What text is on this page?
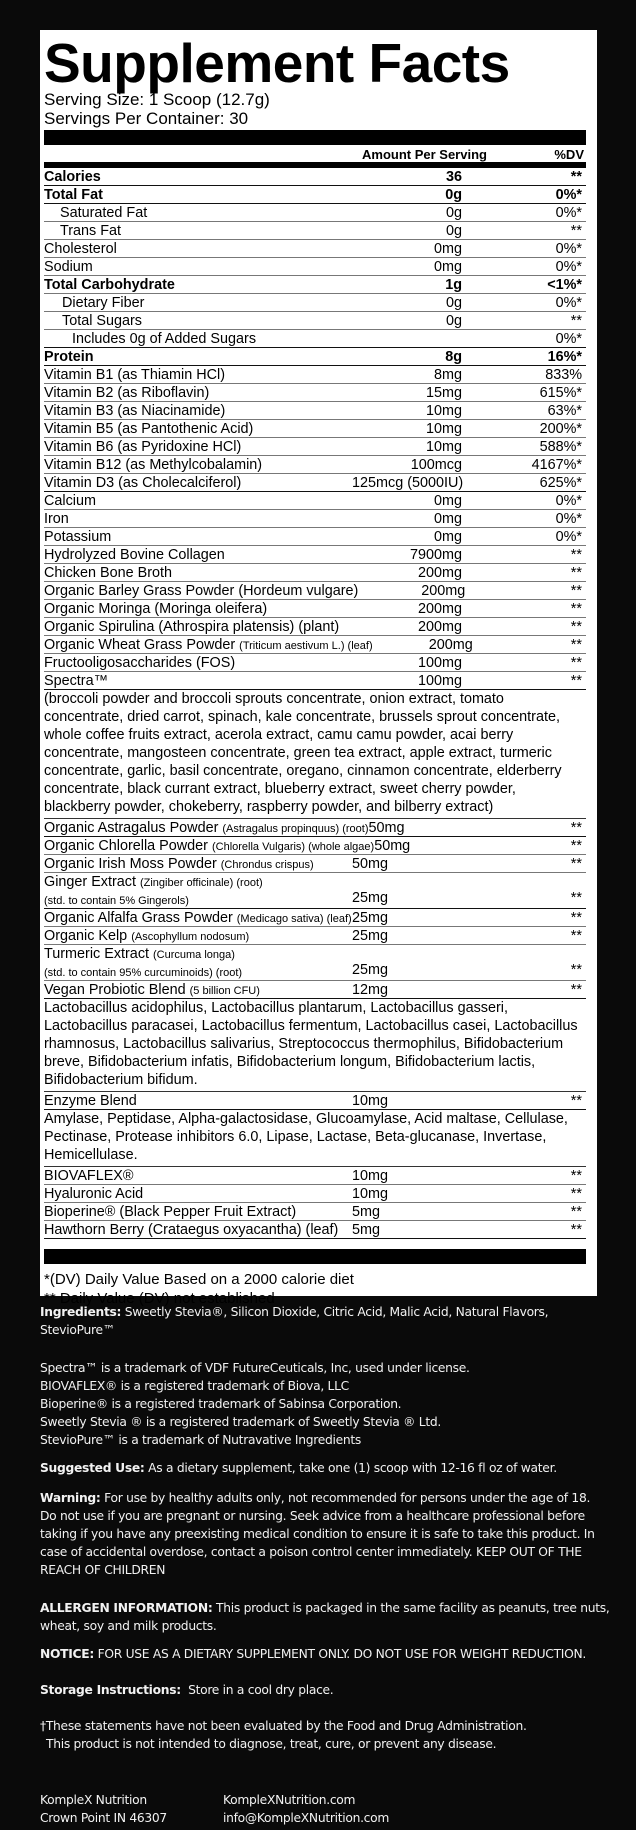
Supplement Facts
Serving Size: 1 Scoop (12.7g)
Servings Per Container: 30
Amount Per Serving	%DV
Calories	36	**
Total Fat	0g	0%*
Saturated Fat	0g	0%*
Trans Fat	0g	**
Cholesterol	0mg	0%*
Sodium	0mg	0%*
Total Carbohydrate	1g	<1%*
Dietary Fiber	0g	0%*
Total Sugars	0g	**
Includes 0g of Added Sugars	0%*
Protein	8g	16%*
Vitamin B1 (as Thiamin HCl)	8mg	833%
Vitamin B2 (as Riboflavin)	15mg	615%*
Vitamin B3 (as Niacinamide)	10mg	63%*
Vitamin B5 (as Pantothenic Acid)	10mg	200%*
Vitamin B6 (as Pyridoxine HCl)	10mg	588%*
Vitamin B12 (as Methylcobalamin)	100mcg	4167%*
Vitamin D3 (as Cholecalciferol)	125mcg (5000IU)	625%*
Calcium	0mg	0%*
Iron	0mg	0%*
Potassium	0mg	0%*
Hydrolyzed Bovine Collagen	7900mg	**
Chicken Bone Broth	200mg	**
Organic Barley Grass Powder (Hordeum vulgare)	200mg	**
Organic Moringa (Moringa oleifera)	200mg	**
Organic Spirulina (Athrospira platensis) (plant)	200mg	**
Organic Wheat Grass Powder (Triticum aestivum L.) (leaf)	200mg	**
Fructooligosaccharides (FOS)	100mg	**
Spectra™	100mg	**
(broccoli powder and broccoli sprouts concentrate, onion extract, tomato concentrate, dried carrot, spinach, kale concentrate, brussels sprout concentrate, whole coffee fruits extract, acerola extract, camu camu powder, acai berry concentrate, mangosteen concentrate, green tea extract, apple extract, turmeric concentrate, garlic, basil concentrate, oregano, cinnamon concentrate, elderberry concentrate, black currant extract, blueberry extract, sweet cherry powder, blackberry powder, chokeberry, raspberry powder, and bilberry extract)
Organic Astragalus Powder (Astragalus propinquus) (root) 50mg	**
Organic Chlorella Powder (Chlorella Vulgaris) (whole algae) 50mg	**
Organic Irish Moss Powder (Chrondus crispus)	50mg	**
Ginger Extract (Zingiber officinale) (root)
(std. to contain 5% Gingerols)	25mg	**
Organic Alfalfa Grass Powder (Medicago sativa) (leaf) 25mg	**
Organic Kelp (Ascophyllum nodosum)	25mg	**
Turmeric Extract (Curcuma longa)
(std. to contain 95% curcuminoids) (root)	25mg	**
Vegan Probiotic Blend (5 billion CFU)	12mg	**
Lactobacillus acidophilus, Lactobacillus plantarum, Lactobacillus gasseri, Lactobacillus paracasei, Lactobacillus fermentum, Lactobacillus casei, Lactobacillus rhamnosus, Lactobacillus salivarius, Streptococcus thermophilus, Bifidobacterium breve, Bifidobacterium infatis, Bifidobacterium longum, Bifidobacterium lactis, Bifidobacterium bifidum.
Enzyme Blend	10mg	**
Amylase, Peptidase, Alpha-galactosidase, Glucoamylase, Acid maltase, Cellulase, Pectinase, Protease inhibitors 6.0, Lipase, Lactase, Beta-glucanase, Invertase, Hemicellulase.
BIOVAFLEX®	10mg	**
Hyaluronic Acid	10mg	**
Bioperine® (Black Pepper Fruit Extract)	5mg	**
Hawthorn Berry (Crataegus oxyacantha) (leaf) 5mg	**
*(DV) Daily Value Based on a 2000 calorie diet
** Daily Value (DV) not established

Ingredients: Sweetly Stevia®, Silicon Dioxide, Citric Acid, Malic Acid, Natural Flavors, StevioPure™

Spectra™ is a trademark of VDF FutureCeuticals, Inc, used under license.

BIOVAFLEX® is a registered trademark of Biova, LLC

Bioperine® is a registered trademark of Sabinsa Corporation.

Sweetly Stevia ® is a registered trademark of Sweetly Stevia ® Ltd.

StevioPure™ is a trademark of Nutravative Ingredients

Suggested Use: As a dietary supplement, take one (1) scoop with 12-16 fl oz of water.

Warning: For use by healthy adults only, not recommended for persons under the age of 18. Do not use if you are pregnant or nursing. Seek advice from a healthcare professional before taking if you have any preexisting medical condition to ensure it is safe to take this product. In case of accidental overdose, contact a poison control center immediately. KEEP OUT OF THE REACH OF CHILDREN

ALLERGEN INFORMATION: This product is packaged in the same facility as peanuts, tree nuts, wheat, soy and milk products.

NOTICE: FOR USE AS A DIETARY SUPPLEMENT ONLY. DO NOT USE FOR WEIGHT REDUCTION.

Storage Instructions: Store in a cool dry place.

†These statements have not been evaluated by the Food and Drug Administration.

This product is not intended to diagnose, treat, cure, or prevent any disease.

KompleX Nutrition

Crown Point IN 46307

KompleXNutrition.com

info@KompleXNutrition.com
